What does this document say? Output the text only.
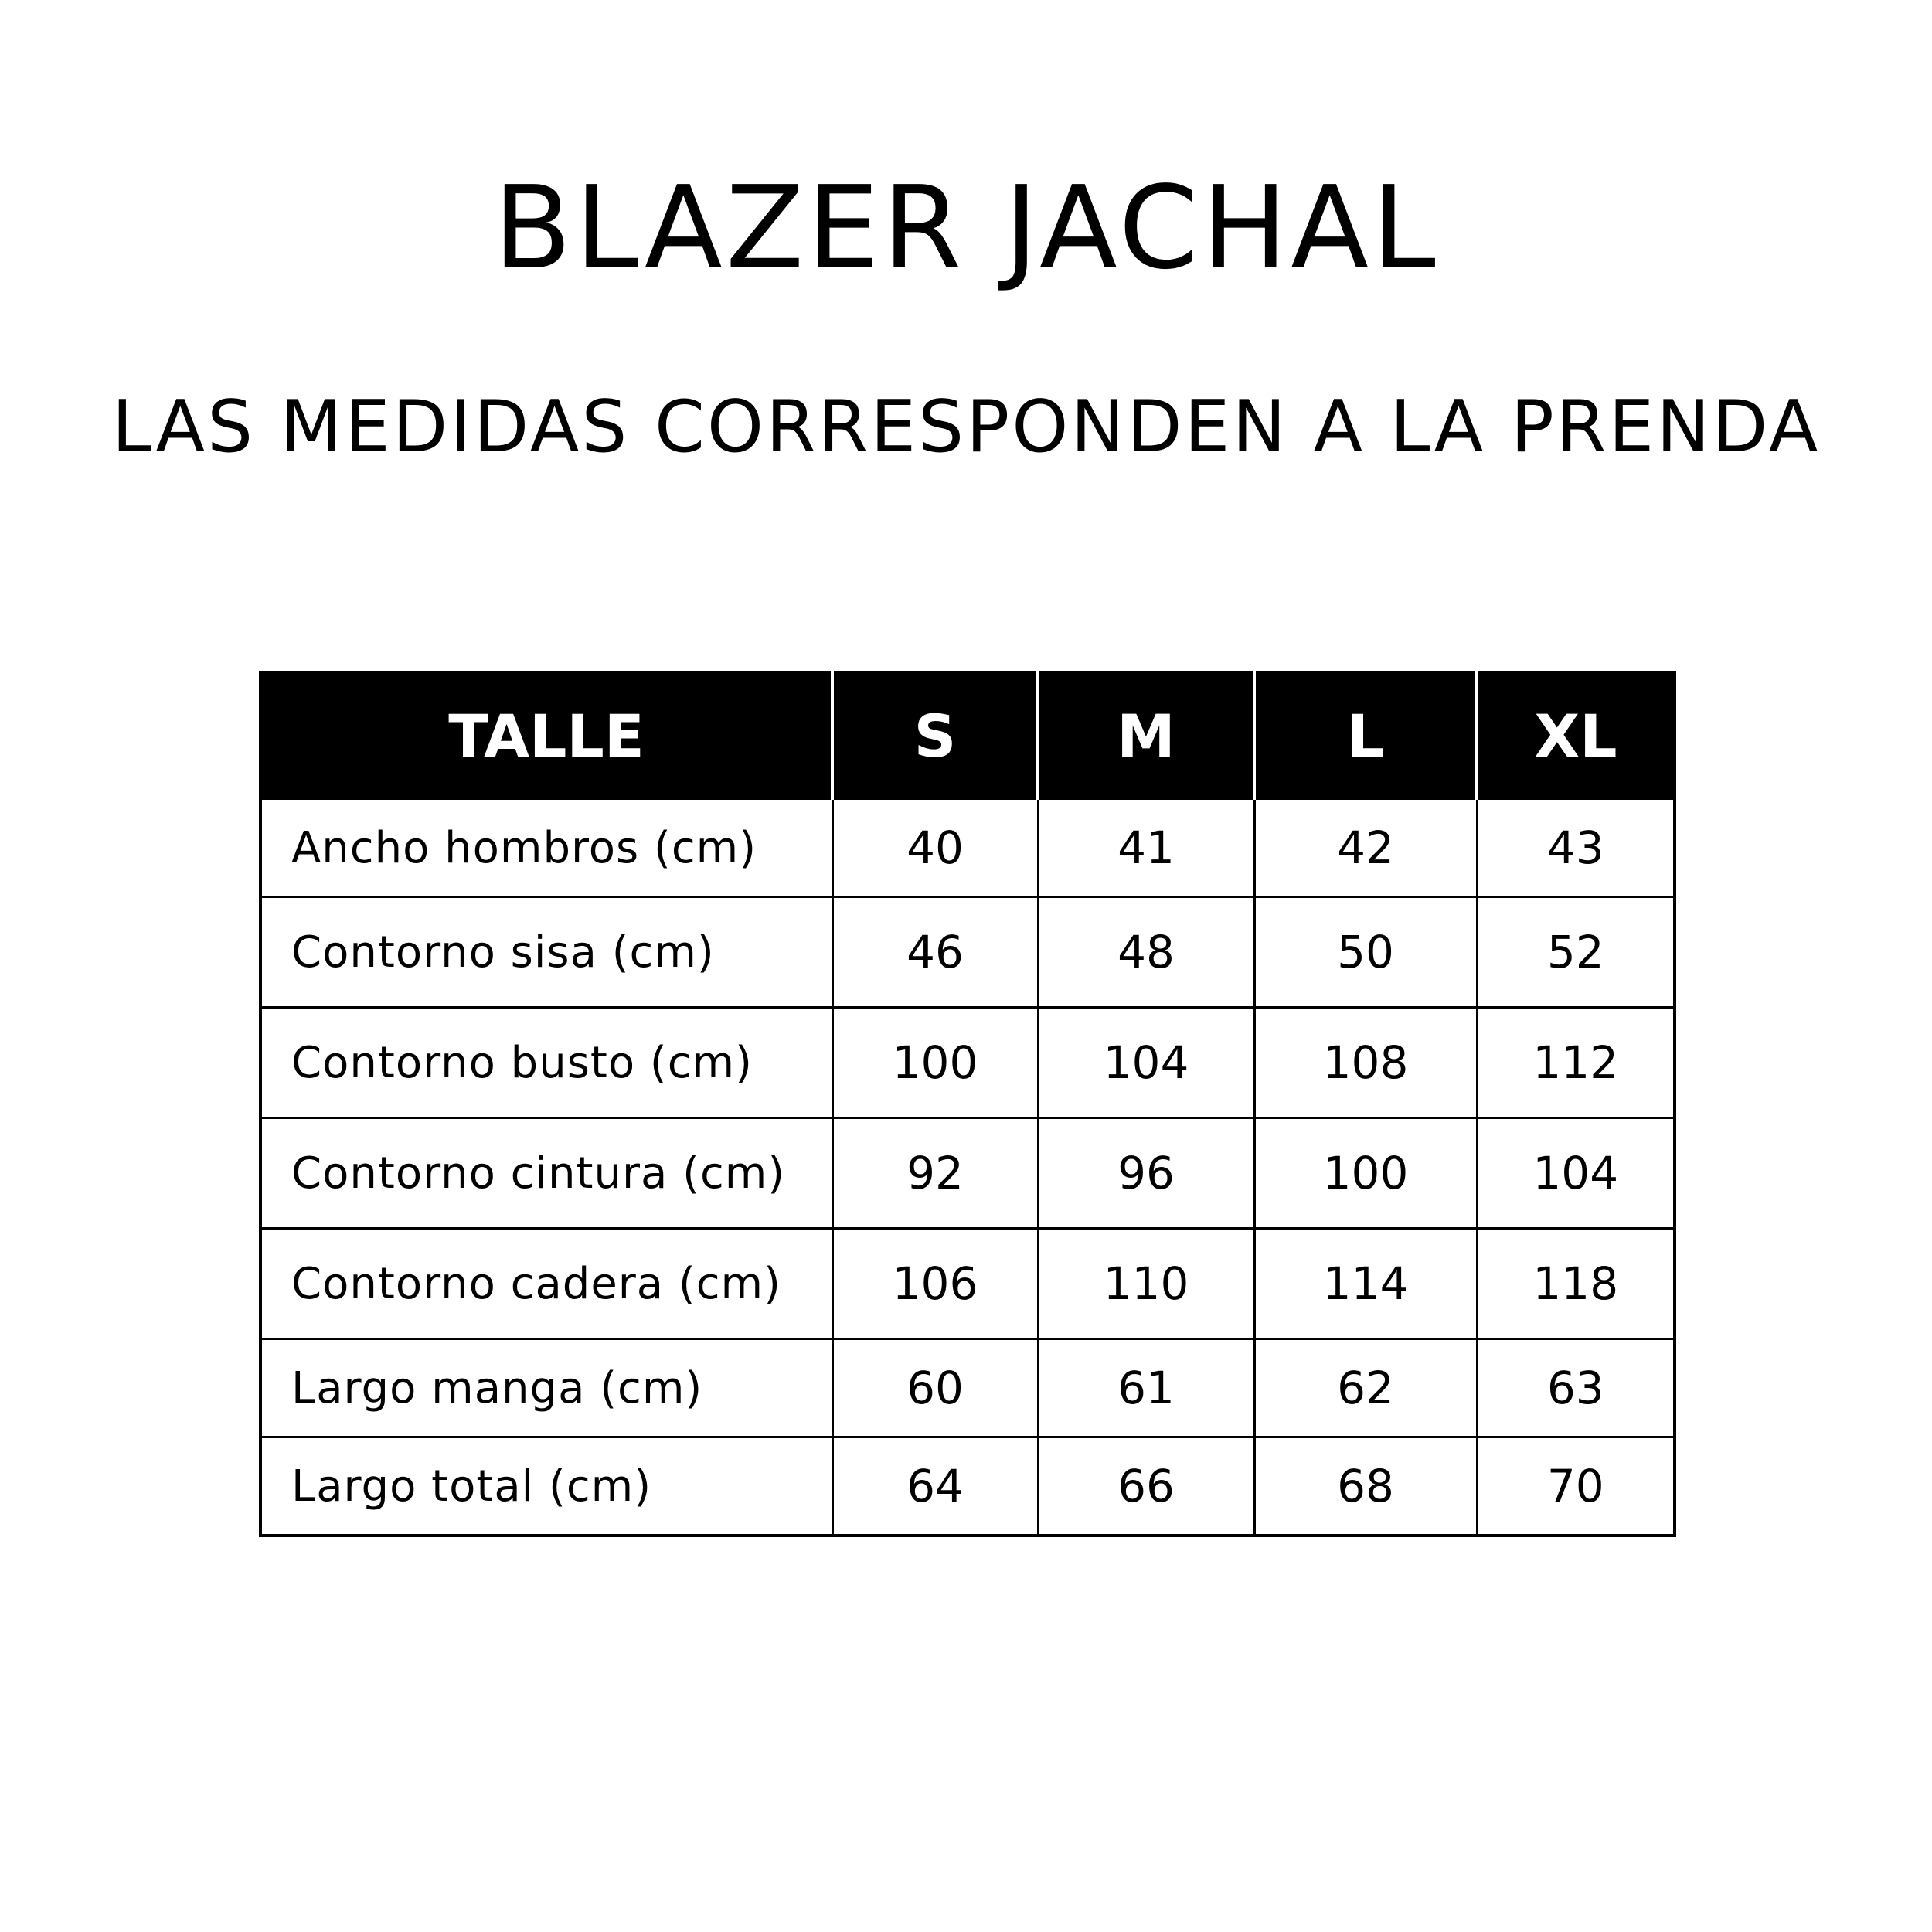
BLAZER JACHAL
LAS MEDIDAS CORRESPONDEN A LA PRENDA
TALLE	S	M	L	XL
Ancho hombros (cm)	40	41	42	43
Contorno sisa (cm)	46	48	50	52
Contorno busto (cm)	100	104	108	112
Contorno cintura (cm)	92	96	100	104
Contorno cadera (cm)	106	110	114	118
Largo manga (cm)	60	61	62	63
Largo total (cm)	64	66	68	70
